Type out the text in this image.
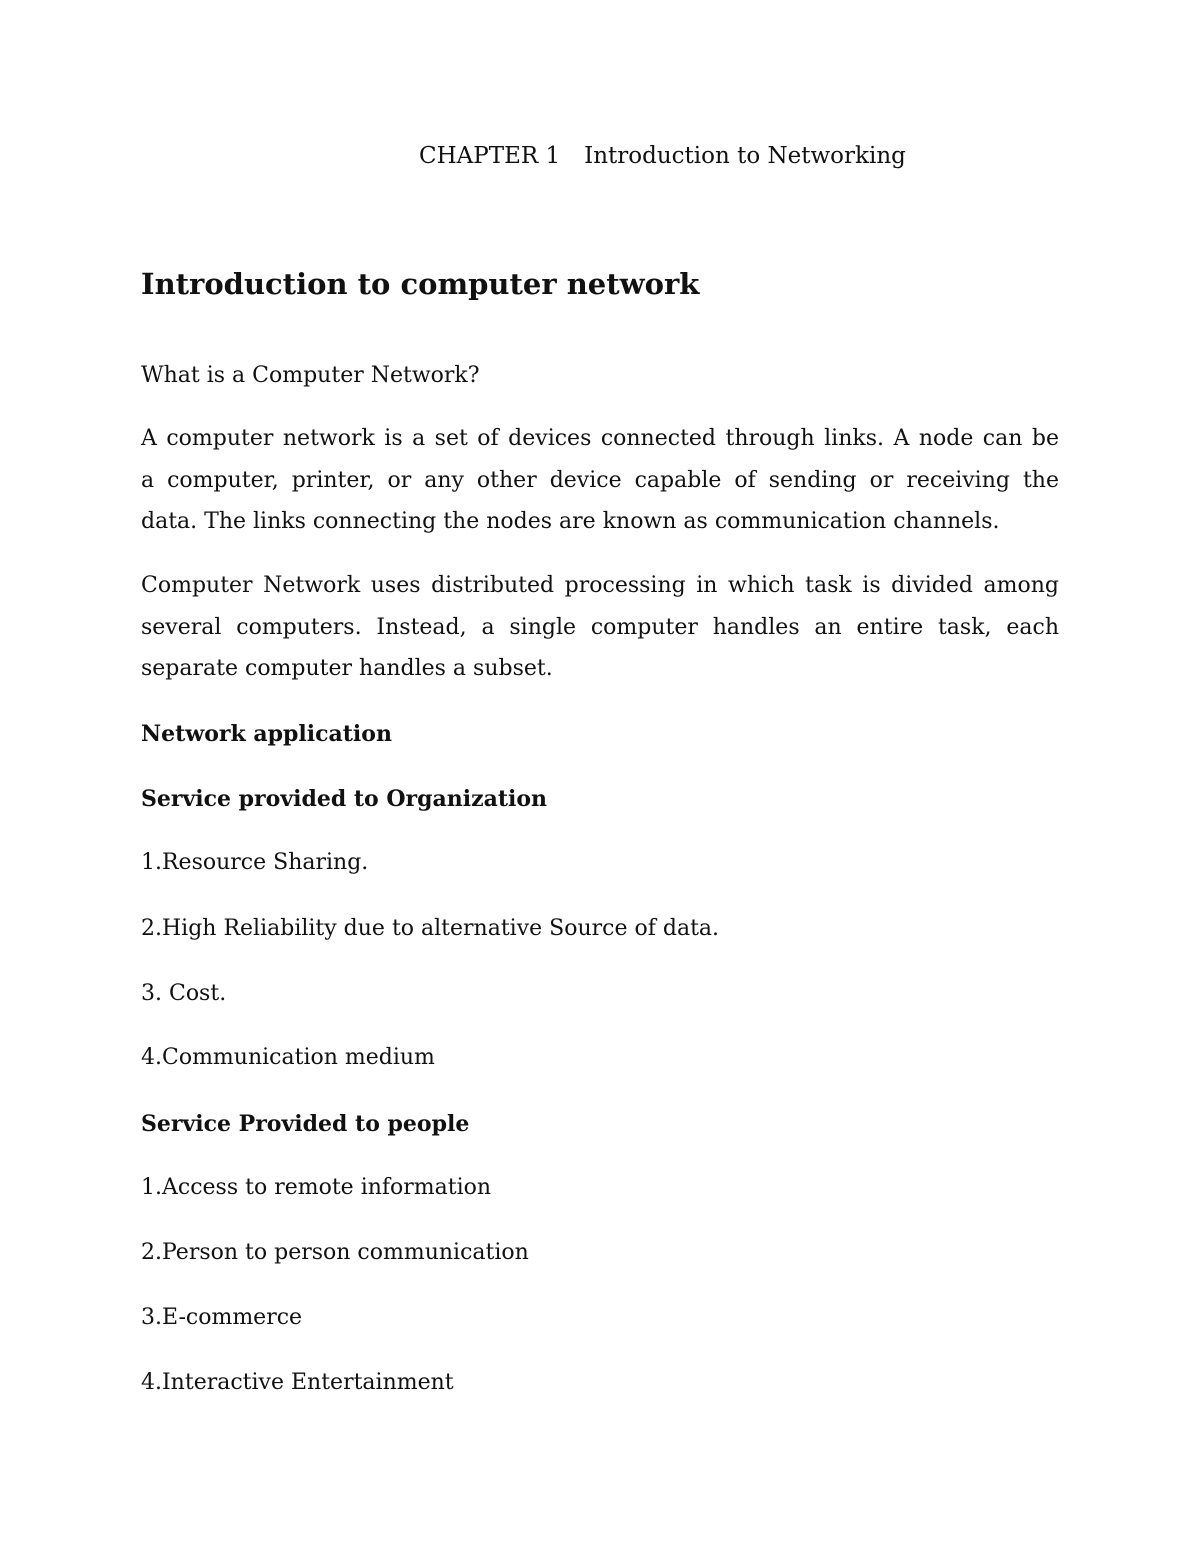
CHAPTER 1 Introduction to Networking
Introduction to computer network
What is a Computer Network?
A computer network is a set of devices connected through links. A node can be
a computer, printer, or any other device capable of sending or receiving the
data. The links connecting the nodes are known as communication channels.
Computer Network uses distributed processing in which task is divided among
several computers. Instead, a single computer handles an entire task, each
separate computer handles a subset.
Network application
Service provided to Organization
1.Resource Sharing.
2.High Reliability due to alternative Source of data.
3. Cost.
4.Communication medium
Service Provided to people
1.Access to remote information
2.Person to person communication
3.E-commerce
4.Interactive Entertainment
